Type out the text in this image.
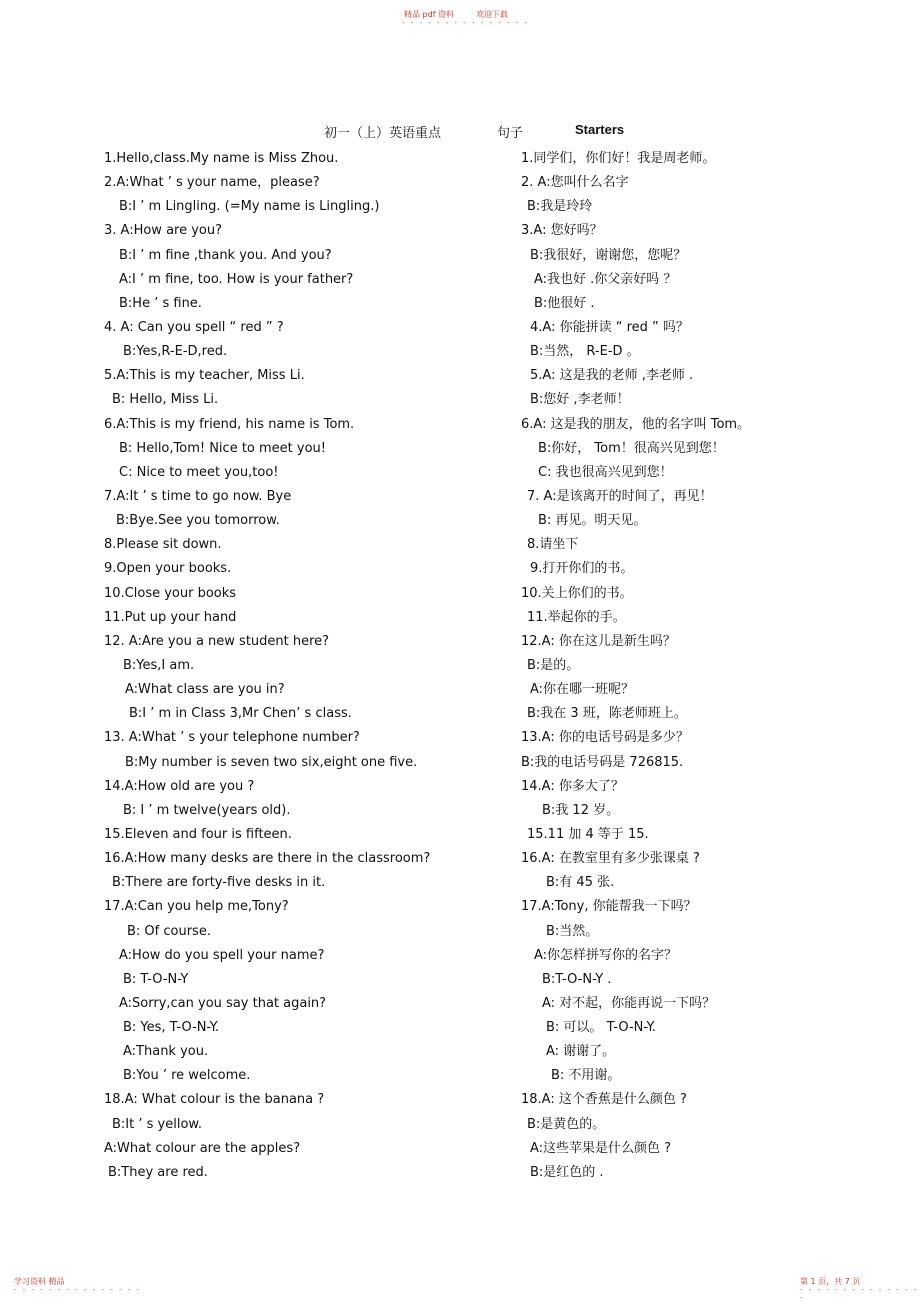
精品 pdf 资料	欢迎下载
- - - - - - - - - - - - - - -
初一（上）英语重点	句子	Starters
1.Hello,class.My name is Miss Zhou.
2.A:What ’ s your name，please?
B:I ’ m Lingling. (=My name is Lingling.)
3. A:How are you?
B:I ’ m fine ,thank you. And you?
A:I ’ m fine, too. How is your father?
B:He ’ s fine.
4. A: Can you spell “ red ” ?
B:Yes,R-E-D,red.
5.A:This is my teacher, Miss Li.
B: Hello, Miss Li.
6.A:This is my friend, his name is Tom.
B: Hello,Tom! Nice to meet you!
C: Nice to meet you,too!
7.A:It ’ s time to go now. Bye
B:Bye.See you tomorrow.
8.Please sit down.
9.Open your books.
10.Close your books
11.Put up your hand
12. A:Are you a new student here?
B:Yes,I am.
A:What class are you in?
B:I ’ m in Class 3,Mr Chen’ s class.
13. A:What ’ s your telephone number?
B:My number is seven two six,eight one five.
14.A:How old are you ?
B: I ’ m twelve(years old).
15.Eleven and four is fifteen.
16.A:How many desks are there in the classroom?
B:There are forty-five desks in it.
17.A:Can you help me,Tony?
B: Of course.
A:How do you spell your name?
B: T-O-N-Y
A:Sorry,can you say that again?
B: Yes, T-O-N-Y.
A:Thank you.
B:You ’ re welcome.
18.A: What colour is the banana ?
B:It ’ s yellow.
A:What colour are the apples?
B:They are red.
1.同学们，你们好！我是周老师。
2. A:您叫什么名字
B:我是玲玲
3.A: 您好吗？
B:我很好，谢谢您，您呢？
A:我也好 .你父亲好吗 ？
B:他很好 .
4.A: 你能拼读 “ red ” 吗？
B:当然， R-E-D 。
5.A: 这是我的老师 ,李老师 .
B:您好 ,李老师！
6.A: 这是我的朋友，他的名字叫 Tom。
B:你好， Tom！很高兴见到您！
C: 我也很高兴见到您！
7. A:是该离开的时间了，再见！
B: 再见。明天见。
8.请坐下
9.打开你们的书。
10.关上你们的书。
11.举起你的手。
12.A: 你在这儿是新生吗？
B:是的。
A:你在哪一班呢？
B:我在 3 班，陈老师班上。
13.A: 你的电话号码是多少？
B:我的电话号码是 726815.
14.A: 你多大了？
B:我 12 岁。
15.11 加 4 等于 15.
16.A: 在教室里有多少张课桌 ?
B:有 45 张.
17.A:Tony, 你能帮我一下吗？
B:当然。
A:你怎样拼写你的名字？
B:T-O-N-Y .
A: 对不起，你能再说一下吗？
B: 可以。 T-O-N-Y.
A: 谢谢了。
B: 不用谢。
18.A: 这个香蕉是什么颜色 ?
B:是黄色的。
A:这些苹果是什么颜色 ?
B:是红色的 .
学习资料 精品
- - - - - - - - - - - - - - -
第 1 页，共 7 页
- - - - - - - - - - - - - - -
